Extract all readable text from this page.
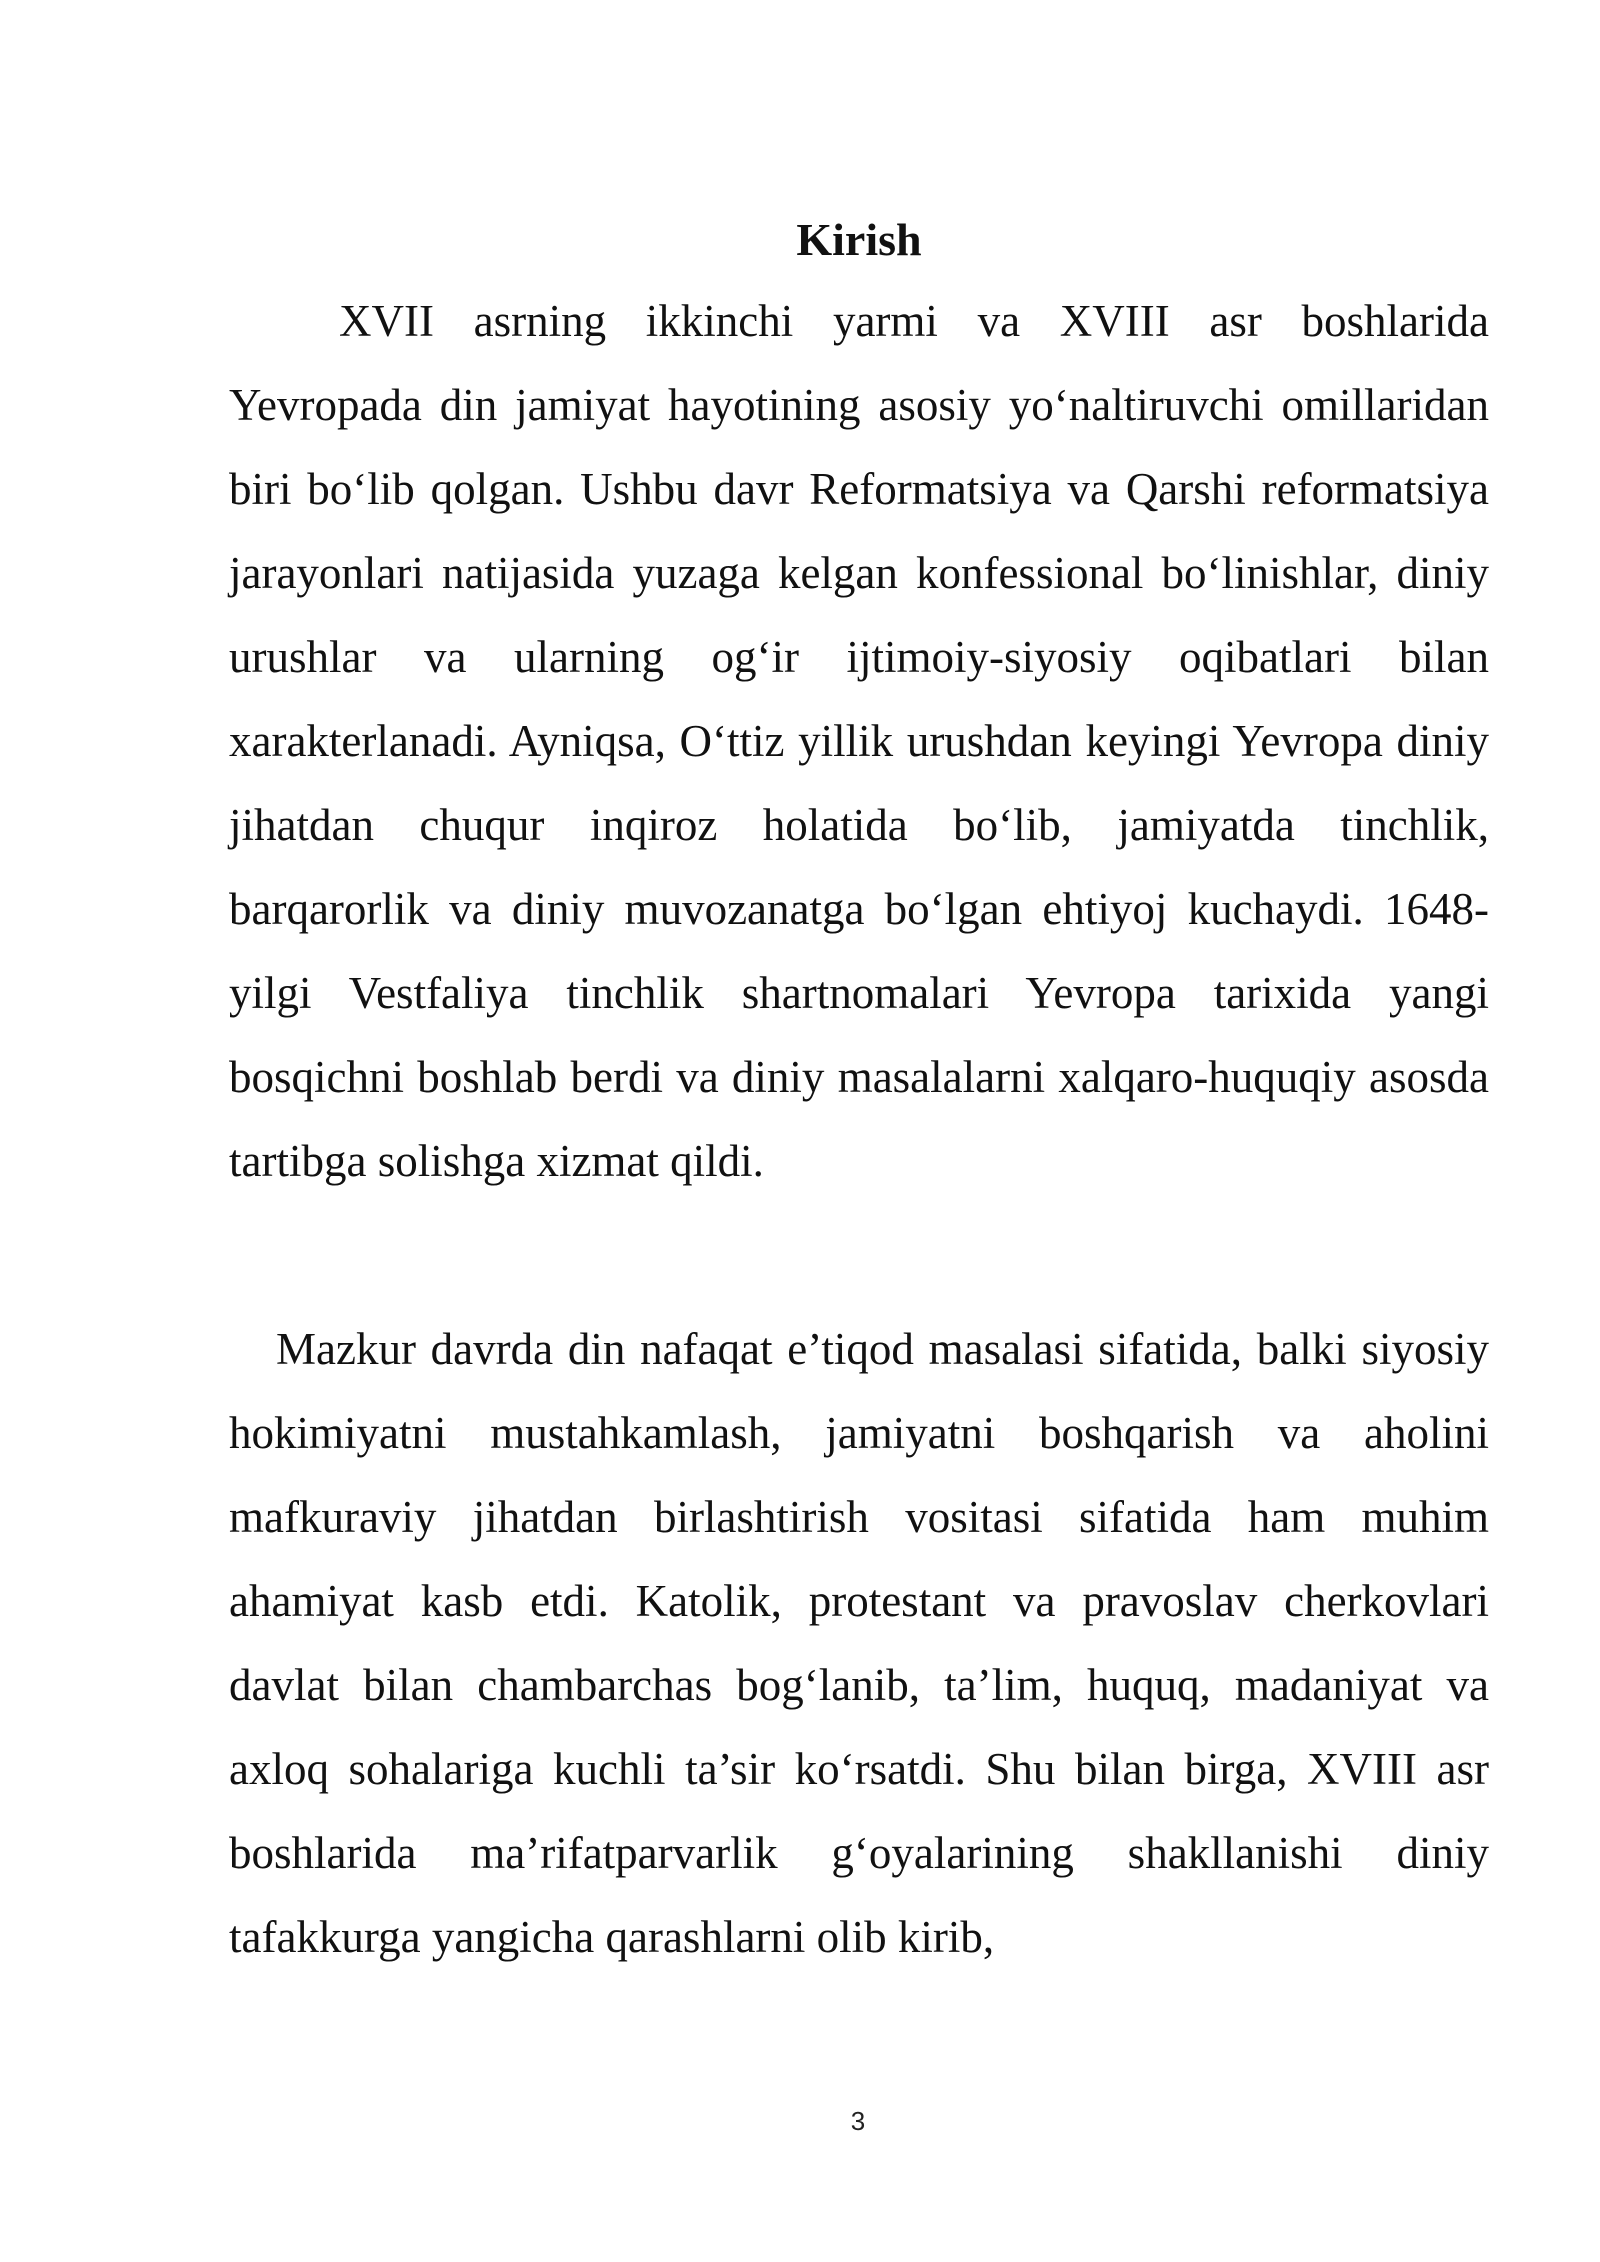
Kirish

XVII asrning ikkinchi yarmi va XVIII asr boshlarida Yevropada din jamiyat hayotining asosiy yo‘naltiruvchi omillaridan biri bo‘lib qolgan. Ushbu davr Reformatsiya va Qarshi reformatsiya jarayonlari natijasida yuzaga kelgan konfessional bo‘linishlar, diniy urushlar va ularning og‘ir ijtimoiy-siyosiy oqibatlari bilan xarakterlanadi. Ayniqsa, O‘ttiz yillik urushdan keyingi Yevropa diniy jihatdan chuqur inqiroz holatida bo‘lib, jamiyatda tinchlik, barqarorlik va diniy muvozanatga bo‘lgan ehtiyoj kuchaydi. 1648-yilgi Vestfaliya tinchlik shartnomalari Yevropa tarixida yangi bosqichni boshlab berdi va diniy masalalarni xalqaro-huquqiy asosda tartibga solishga xizmat qildi.

Mazkur davrda din nafaqat e’tiqod masalasi sifatida, balki siyosiy hokimiyatni mustahkamlash, jamiyatni boshqarish va aholini mafkuraviy jihatdan birlashtirish vositasi sifatida ham muhim ahamiyat kasb etdi. Katolik, protestant va pravoslav cherkovlari davlat bilan chambarchas bog‘lanib, ta’lim, huquq, madaniyat va axloq sohalariga kuchli ta’sir ko‘rsatdi. Shu bilan birga, XVIII asr boshlarida ma’rifatparvarlik g‘oyalarining shakllanishi diniy tafakkurga yangicha qarashlarni olib kirib,

3
